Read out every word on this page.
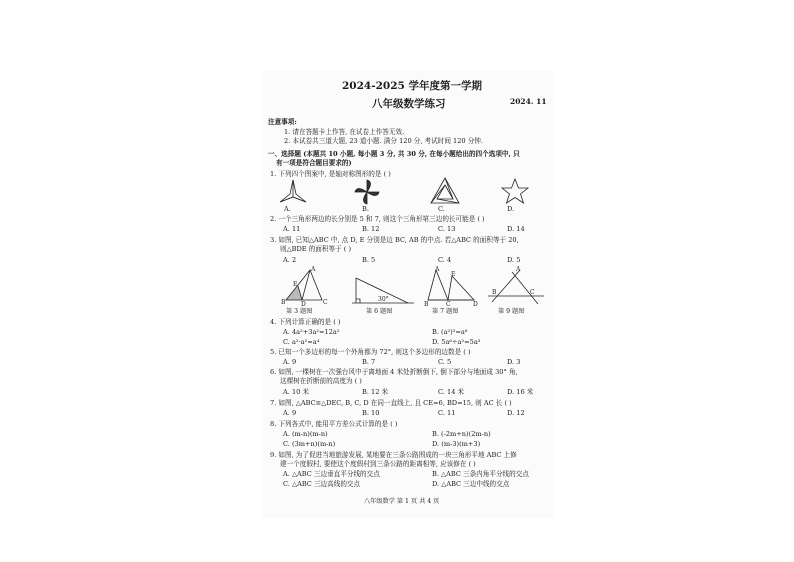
2024-2025 学年度第一学期
八年级数学练习	2024. 11
注意事项:
1. 请在答题卡上作答, 在试卷上作答无效.
2. 本试卷共三道大题, 23 道小题. 满分 120 分, 考试时间 120 分钟.
一、选择题 (本题共 10 小题, 每小题 3 分, 共 30 分, 在每小题给出的四个选项中, 只
有一项是符合题目要求的)
1. 下列四个图案中, 是轴对称图形的是 ( )
A.	B.	C.	D.
2. 一个三角形两边的长分别是 5 和 7, 则这个三角形第三边的长可能是 ( )
A. 11	B. 12	C. 13	D. 14
3. 如图, 已知△ABC 中, 点 D, E 分别是边 BC, AB 的中点. 若△ABC 的面积等于 20,
则△BDE 的面积等于 ( )
A. 2	B. 5	C. 4	D. 5
A
E
B	D	C	30°
A
E
B	C	D
A
B	C
第 3 题图	第 6 题图	第 7 题图	第 9 题图
4. 下列计算正确的是 ( )
A. 4a²+3a²=12a²	B. (a²)³=a⁶
C. a²·a²=a⁴	D. 5a⁶÷a²=5a³
5. 已知一个多边形的每一个外角都为 72°, 则这个多边形的边数是 ( )
A. 9	B. 7	C. 5	D. 3
6. 如图, 一棵树在一次强台风中于离地面 4 米处折断倒下, 倒下部分与地面成 30° 角,
这棵树在折断前的高度为 ( )
A. 10 米	B. 12 米	C. 14 米	D. 16 米
7. 如图, △ABC≌△DEC, B, C, D 在同一直线上, 且 CE=6, BD=15, 则 AC 长 ( )
A. 9	B. 10	C. 11	D. 12
8. 下列各式中, 能用平方差公式计算的是 ( )
A. (m-n)(m-n)	B. (-2m+n)(2m-n)
C. (3m+n)(m-n)	D. (m-3)(m+3)
9. 如图, 为了促进当地旅游发展, 某地要在三条公路围成的一块三角形平地 ABC 上修
建一个度假村, 要使这个度假村到三条公路的距离相等, 应该修在 ( )
A. △ABC 三边垂直平分线的交点	B. △ABC 三条内角平分线的交点
C. △ABC 三边高线的交点	D. △ABC 三边中线的交点
八年级数学 第 1 页 共 4 页
